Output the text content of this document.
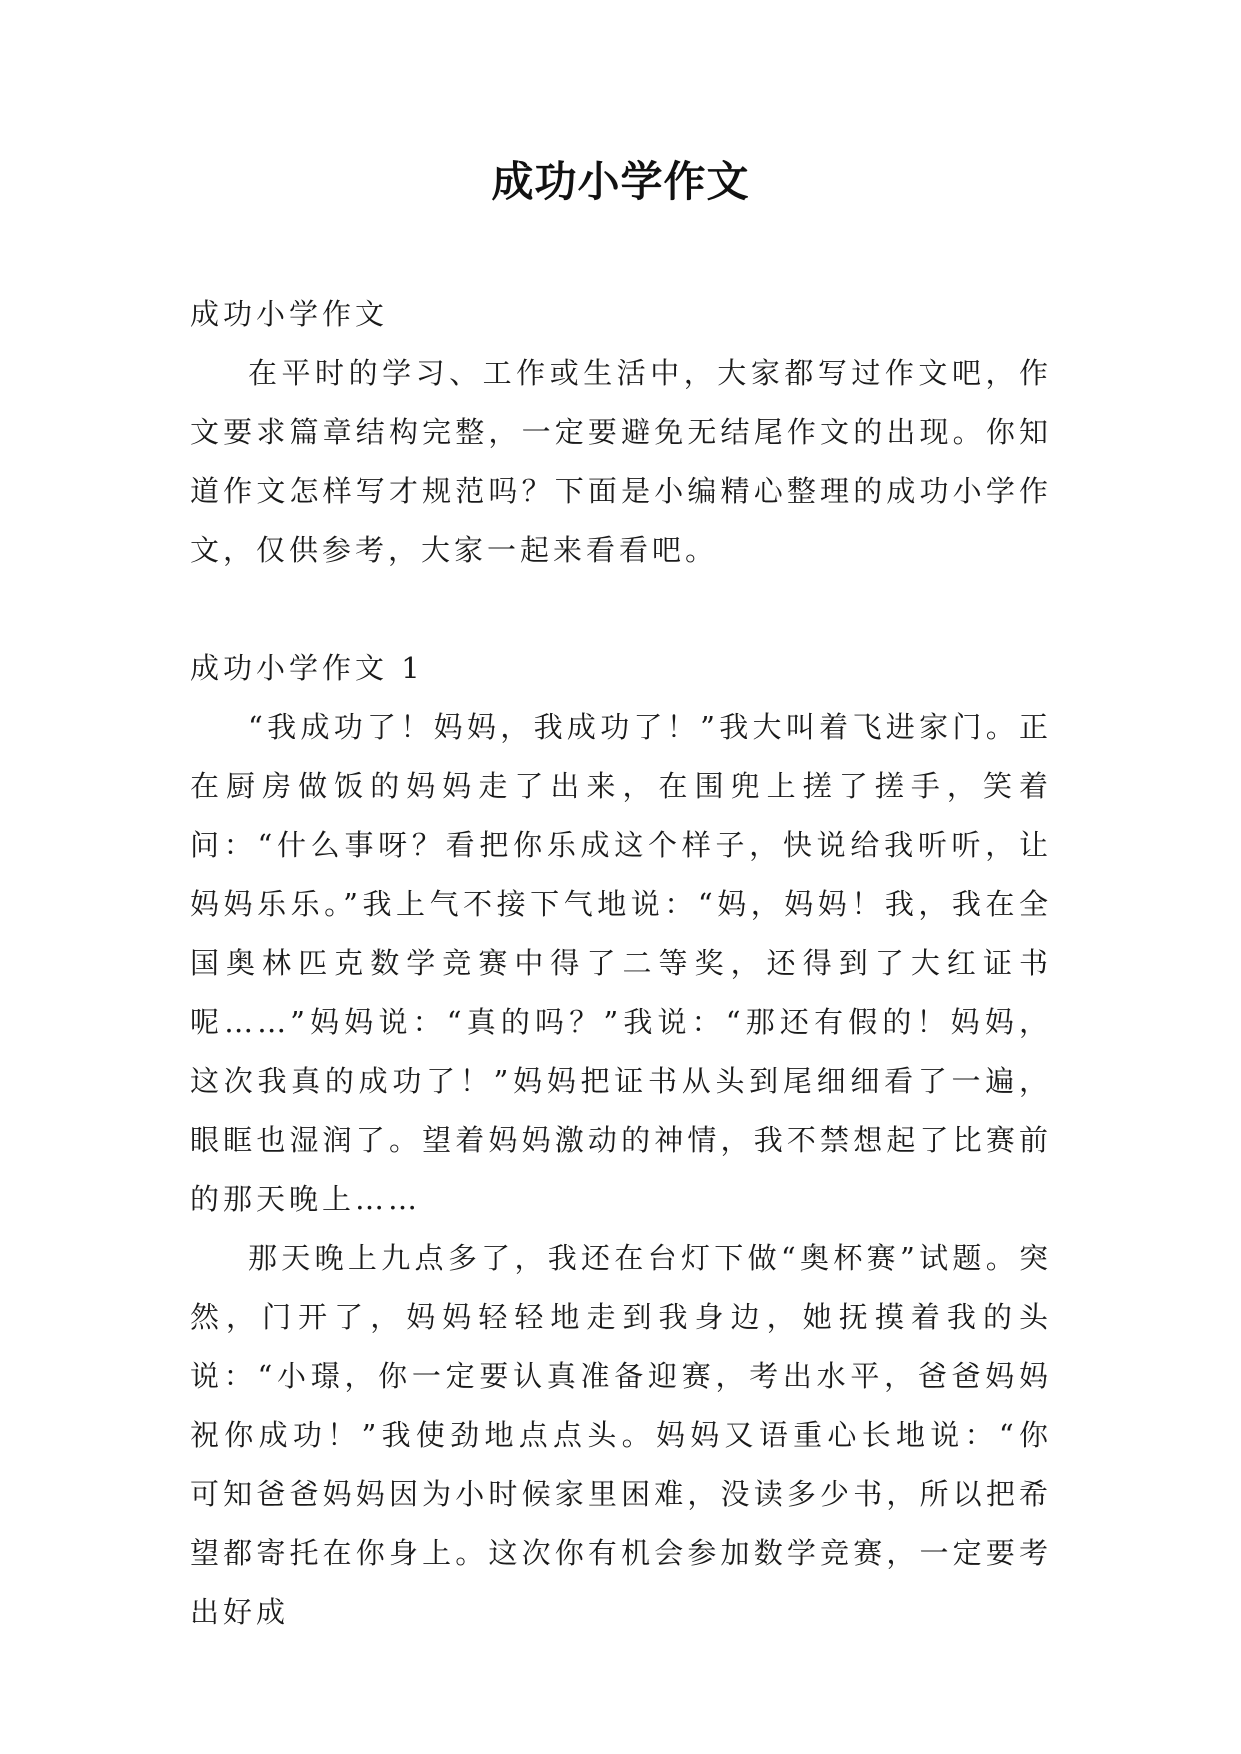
成功小学作文

成功小学作文

在平时的学习、工作或生活中，大家都写过作文吧，作文要求篇章结构完整，一定要避免无结尾作文的出现。你知道作文怎样写才规范吗？下面是小编精心整理的成功小学作文，仅供参考，大家一起来看看吧。

成功小学作文 1

“我成功了！妈妈，我成功了！”我大叫着飞进家门。正在厨房做饭的妈妈走了出来，在围兜上搓了搓手，笑着问：“什么事呀？看把你乐成这个样子，快说给我听听，让妈妈乐乐。”我上气不接下气地说：“妈，妈妈！我，我在全国奥林匹克数学竞赛中得了二等奖，还得到了大红证书呢……”妈妈说：“真的吗？”我说：“那还有假的！妈妈，这次我真的成功了！”妈妈把证书从头到尾细细看了一遍，眼眶也湿润了。望着妈妈激动的神情，我不禁想起了比赛前的那天晚上……

那天晚上九点多了，我还在台灯下做“奥杯赛”试题。突然，门开了，妈妈轻轻地走到我身边，她抚摸着我的头说：“小璟，你一定要认真准备迎赛，考出水平，爸爸妈妈祝你成功！”我使劲地点点头。妈妈又语重心长地说：“你可知爸爸妈妈因为小时候家里困难，没读多少书，所以把希望都寄托在你身上。这次你有机会参加数学竞赛，一定要考出好成
